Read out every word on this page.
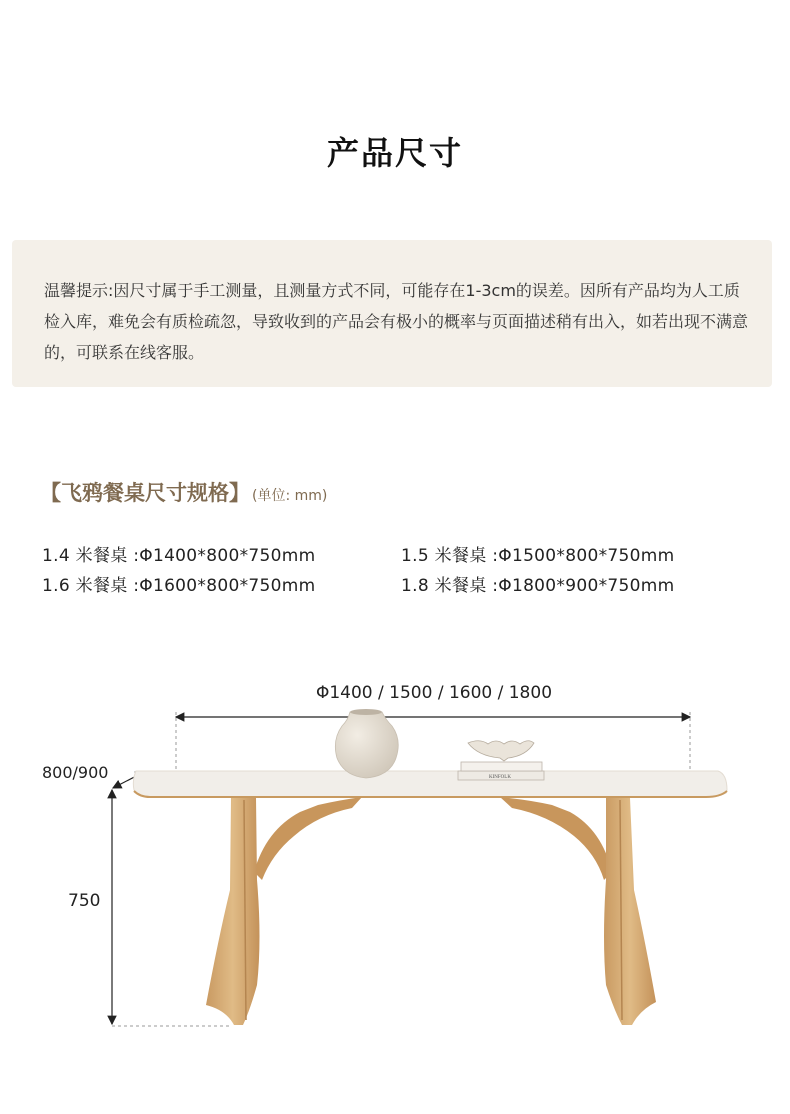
产品尺寸
温馨提示:因尺寸属于手工测量，且测量方式不同，可能存在1-3cm的误差。因所有产品均为人工质检入库，难免会有质检疏忽，导致收到的产品会有极小的概率与页面描述稍有出入，如若出现不满意的，可联系在线客服。
【飞鸦餐桌尺寸规格】 (单位: mm)
1.4 米餐桌 :Φ1400*800*750mm	1.5 米餐桌 :Φ1500*800*750mm
1.6 米餐桌 :Φ1600*800*750mm	1.8 米餐桌 :Φ1800*900*750mm
Φ1400 / 1500 / 1600 / 1800
800/900
750
KINFOLK
